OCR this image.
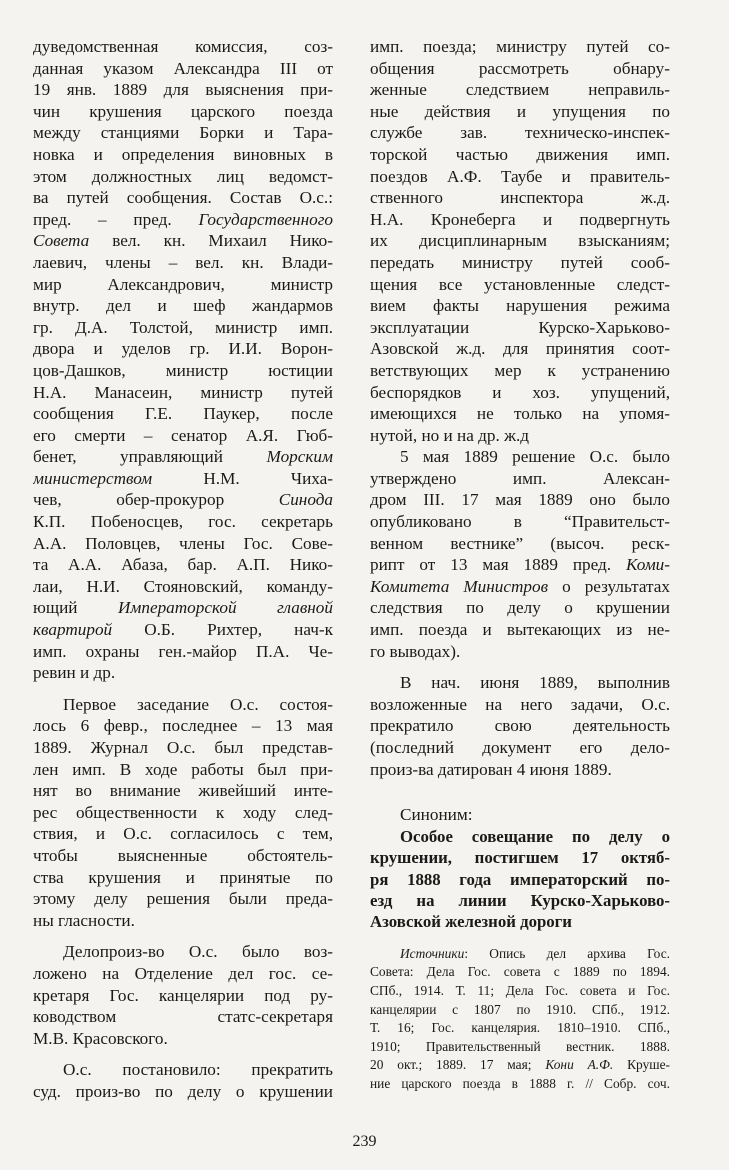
дуведомственная комиссия, соз-
данная указом Александра III от
19 янв. 1889 для выяснения при-
чин крушения царского поезда
между станциями Борки и Тара-
новка и определения виновных в
этом должностных лиц ведомст-
ва путей сообщения. Состав О.с.:
пред. – пред. Государственного
Совета вел. кн. Михаил Нико-
лаевич, члены – вел. кн. Влади-
мир Александрович, министр
внутр. дел и шеф жандармов
гр. Д.А. Толстой, министр имп.
двора и уделов гр. И.И. Ворон-
цов-Дашков, министр юстиции
Н.А. Манасеин, министр путей
сообщения Г.Е. Паукер, после
его смерти – сенатор А.Я. Гюб-
бенет, управляющий Морским
министерством	Н.М. Чиха-
чев, обер-прокурор Синода
К.П. Побеносцев, гос. секретарь
А.А. Половцев, члены Гос. Сове-
та А.А. Абаза, бар. А.П. Нико-
лаи, Н.И. Стояновский, команду-
ющий Императорской главной
квартирой О.Б. Рихтер, нач-к
имп. охраны ген.-майор П.А. Че-
ревин и др.
Первое заседание О.с. состоя-
лось 6 февр., последнее – 13 мая
1889. Журнал О.с. был представ-
лен имп. В ходе работы был при-
нят во внимание живейший инте-
рес общественности к ходу след-
ствия, и О.с. согласилось с тем,
чтобы выясненные обстоятель-
ства крушения и принятые по
этому делу решения были преда-
ны гласности.
Делопроиз-во О.с. было воз-
ложено на Отделение дел гос. се-
кретаря Гос. канцелярии под ру-
ководством статс-секретаря
М.В. Красовского.
О.с. постановило: прекратить
суд. произ-во по делу о крушении
имп. поезда; министру путей со-
общения рассмотреть обнару-
женные следствием неправиль-
ные действия и упущения по
службе зав. техническо-инспек-
торской частью движения имп.
поездов А.Ф. Таубе и правитель-
ственного инспектора ж.д.
Н.А. Кронеберга и подвергнуть
их дисциплинарным взысканиям;
передать министру путей сооб-
щения все установленные следст-
вием факты нарушения режима
эксплуатации Курско-Харьково-
Азовской ж.д. для принятия соот-
ветствующих мер к устранению
беспорядков и хоз. упущений,
имеющихся не только на упомя-
нутой, но и на др. ж.д
5 мая 1889 решение О.с. было
утверждено имп. Алексан-
дром III. 17 мая 1889 оно было
опубликовано в “Правительст-
венном вестнике” (высоч. реск-
рипт от 13 мая 1889 пред. Коми-
Комитета Министров о результатах
следствия по делу о крушении
имп. поезда и вытекающих из не-
го выводах).
В нач. июня 1889, выполнив
возложенные на него задачи, О.с.
прекратило свою деятельность
(последний документ его дело-
произ-ва датирован 4 июня 1889.
Синоним:
Особое совещание по делу о
крушении, постигшем 17 октяб-
ря 1888 года императорский по-
езд на линии Курско-Харьково-
Азовской железной дороги
Источники: Опись дел архива Гос.
Совета: Дела Гос. совета с 1889 по 1894.
СПб., 1914. Т. 11; Дела Гос. совета и Гос.
канцелярии с 1807 по 1910. СПб., 1912.
Т. 16; Гос. канцелярия. 1810–1910. СПб.,
1910; Правительственный вестник. 1888.
20 окт.; 1889. 17 мая; Кони А.Ф. Круше-
ние царского поезда в 1888 г. // Собр. соч.
239
